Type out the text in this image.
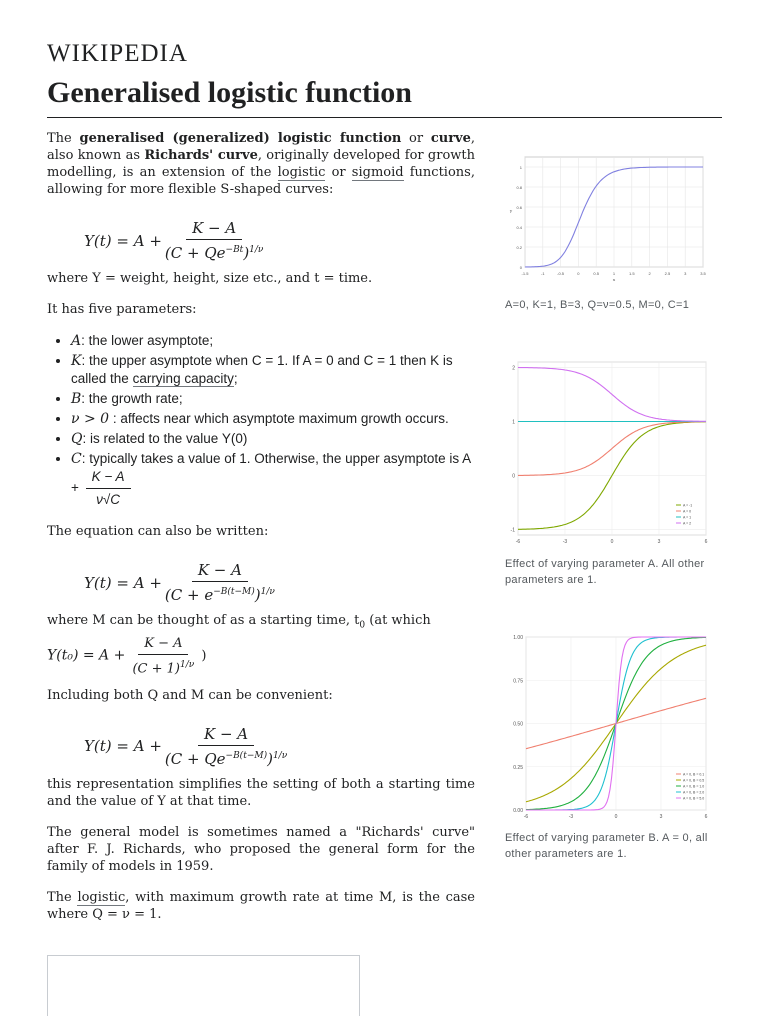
WIKIPEDIA
Generalised logistic function

The generalised (generalized) logistic function or curve, also known as Richards' curve, originally developed for growth modelling, is an extension of the logistic or sigmoid functions, allowing for more flexible S-shaped curves:

$Y(t) = A + \frac{K - A}{(C + Qe^{-Bt})^{1/\nu}}$

where Y = weight, height, size etc., and t = time.

It has five parameters:

• A: the lower asymptote;
• K: the upper asymptote when C = 1. If A = 0 and C = 1 then K is called the carrying capacity;
• B: the growth rate;
• ν > 0 : affects near which asymptote maximum growth occurs.
• Q: is related to the value Y(0)
• C: typically takes a value of 1. Otherwise, the upper asymptote is $A + \frac{K - A}{\nu√C}$

The equation can also be written:

$Y(t) = A + \frac{K - A}{(C + e^{-B(t-M)})^{1/\nu}}$

where M can be thought of as a starting time, $t_0$ (at which
$Y(t_0) = A + \frac{K - A}{(C + 1)^{1/\nu}}$ )

Including both Q and M can be convenient:

$Y(t) = A + \frac{K - A}{(C + Qe^{-B(t-M)})^{1/\nu}}$

this representation simplifies the setting of both a starting time and the value of Y at that time.

The general model is sometimes named a "Richards' curve" after F. J. Richards, who proposed the general form for the family of models in 1959.

The logistic, with maximum growth rate at time M, is the case where Q = ν = 1.

-1.5	-1	-0.5	0	0.5	1	1.5	2	2.5	3	3.5
0
0.2
0.4
0.6
0.8
1
x
y
A=0, K=1, B=3, Q=ν=0.5, M=0, C=1
-6	-3	0	3	6
-1
0
1
2
A = -1
A = 0
A = 1
A = 2
Effect of varying parameter A. All other parameters are 1.
-6	-3	0	3	6
0.00
0.25
0.50
0.75
1.00
A = 0, B = 0.1
A = 0, B = 0.5
A = 0, B = 1.0
A = 0, B = 2.0
A = 0, B = 5.0
Effect of varying parameter B. A = 0, all other parameters are 1.
